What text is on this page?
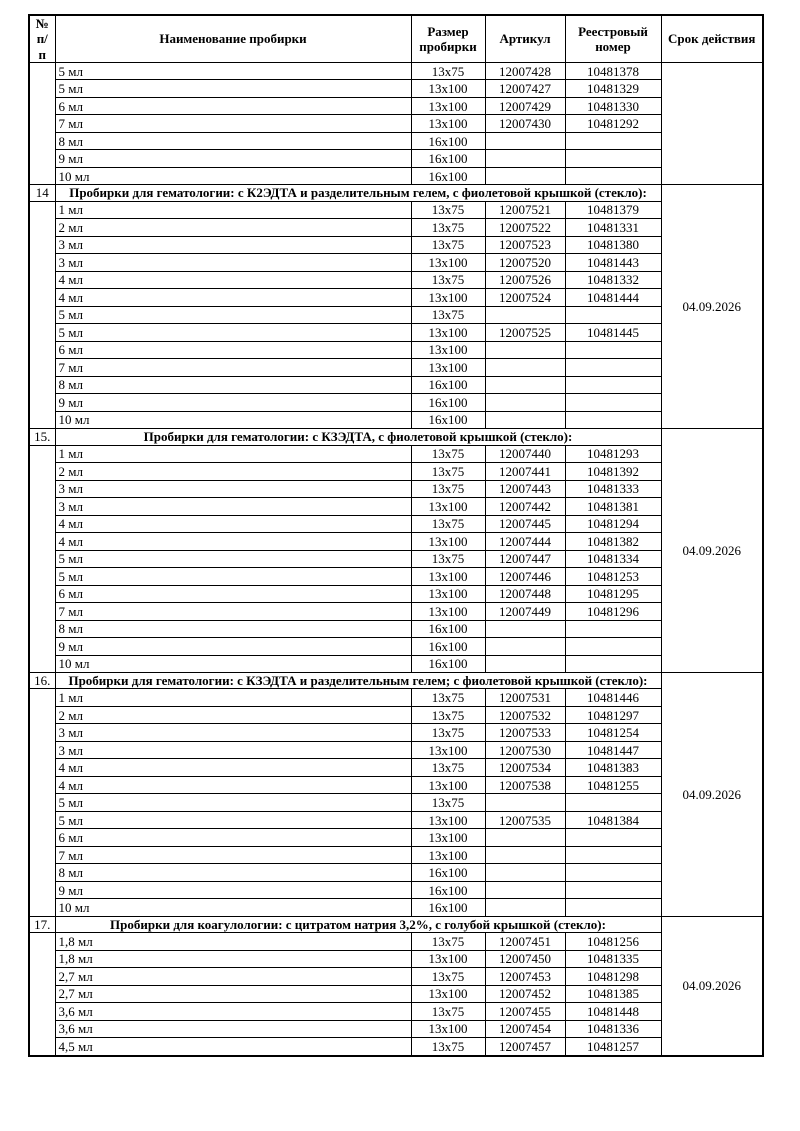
№ п/п	Наименование пробирки	Размер пробирки	Артикул	Реестровый номер	Срок действия
	5 мл	13x75	12007428	10481378	
	5 мл	13x100	12007427	10481329	
	6 мл	13x100	12007429	10481330	
	7 мл	13x100	12007430	10481292	
	8 мл	16x100			
	9 мл	16x100			
	10 мл	16x100			
14	Пробирки для гематологии: с К2ЭДТА и разделительным гелем, с фиолетовой крышкой (стекло):				04.09.2026
	1 мл	13x75	12007521	10481379	
	2 мл	13x75	12007522	10481331	
	3 мл	13x75	12007523	10481380	
	3 мл	13x100	12007520	10481443	
	4 мл	13x75	12007526	10481332	
	4 мл	13x100	12007524	10481444	
	5 мл	13x75			
	5 мл	13x100	12007525	10481445	
	6 мл	13x100			
	7 мл	13x100			
	8 мл	16x100			
	9 мл	16x100			
	10 мл	16x100			
15.	Пробирки для гематологии: с КЗЭДТА, с фиолетовой крышкой (стекло):				04.09.2026
	1 мл	13x75	12007440	10481293	
	2 мл	13x75	12007441	10481392	
	3 мл	13x75	12007443	10481333	
	3 мл	13x100	12007442	10481381	
	4 мл	13x75	12007445	10481294	
	4 мл	13x100	12007444	10481382	
	5 мл	13x75	12007447	10481334	
	5 мл	13x100	12007446	10481253	
	6 мл	13x100	12007448	10481295	
	7 мл	13x100	12007449	10481296	
	8 мл	16x100			
	9 мл	16x100			
	10 мл	16x100			
16.	Пробирки для гематологии: с КЗЭДТА и разделительным гелем; с фиолетовой крышкой (стекло):				04.09.2026
	1 мл	13x75	12007531	10481446	
	2 мл	13x75	12007532	10481297	
	3 мл	13x75	12007533	10481254	
	3 мл	13x100	12007530	10481447	
	4 мл	13x75	12007534	10481383	
	4 мл	13x100	12007538	10481255	
	5 мл	13x75			
	5 мл	13x100	12007535	10481384	
	6 мл	13x100			
	7 мл	13x100			
	8 мл	16x100			
	9 мл	16x100			
	10 мл	16x100			
17.	Пробирки для коагулологии: с цитратом натрия 3,2%, с голубой крышкой (стекло):				04.09.2026
	1,8 мл	13x75	12007451	10481256	
	1,8 мл	13x100	12007450	10481335	
	2,7 мл	13x75	12007453	10481298	
	2,7 мл	13x100	12007452	10481385	
	3,6 мл	13x75	12007455	10481448	
	3,6 мл	13x100	12007454	10481336	
	4,5 мл	13x75	12007457	10481257	
